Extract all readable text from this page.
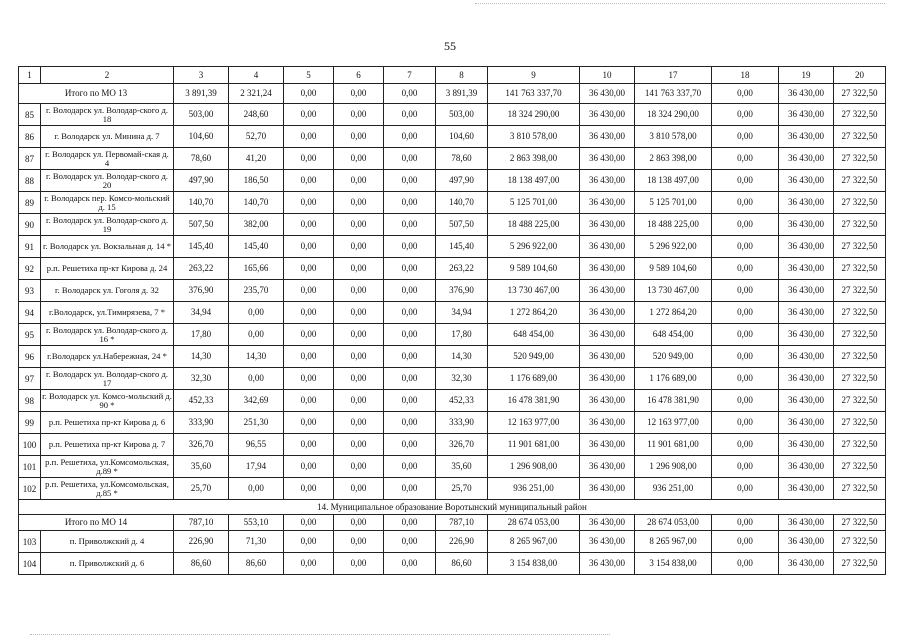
55
1	2	3	4	5	6	7	8	9	10	17	18	19	20
Итого по МО 13		3 891,39	2 321,24	0,00	0,00	0,00	3 891,39	141 763 337,70	36 430,00	141 763 337,70	0,00	36 430,00	27 322,50
85	г. Володарск ул. Володар-ского д. 18	503,00	248,60	0,00	0,00	0,00	503,00	18 324 290,00	36 430,00	18 324 290,00	0,00	36 430,00	27 322,50
86	г. Володарск ул. Минина д. 7	104,60	52,70	0,00	0,00	0,00	104,60	3 810 578,00	36 430,00	3 810 578,00	0,00	36 430,00	27 322,50
87	г. Володарск ул. Первомай-ская д. 4	78,60	41,20	0,00	0,00	0,00	78,60	2 863 398,00	36 430,00	2 863 398,00	0,00	36 430,00	27 322,50
88	г. Володарск ул. Володар-ского д. 20	497,90	186,50	0,00	0,00	0,00	497,90	18 138 497,00	36 430,00	18 138 497,00	0,00	36 430,00	27 322,50
89	г. Володарск пер. Комсо-мольский д. 15	140,70	140,70	0,00	0,00	0,00	140,70	5 125 701,00	36 430,00	5 125 701,00	0,00	36 430,00	27 322,50
90	г. Володарск ул. Володар-ского д. 19	507,50	382,00	0,00	0,00	0,00	507,50	18 488 225,00	36 430,00	18 488 225,00	0,00	36 430,00	27 322,50
91	г. Володарск ул. Вокзальная д. 14 *	145,40	145,40	0,00	0,00	0,00	145,40	5 296 922,00	36 430,00	5 296 922,00	0,00	36 430,00	27 322,50
92	р.п. Решетиха пр-кт Кирова д. 24	263,22	165,66	0,00	0,00	0,00	263,22	9 589 104,60	36 430,00	9 589 104,60	0,00	36 430,00	27 322,50
93	г. Володарск ул. Гоголя д. 32	376,90	235,70	0,00	0,00	0,00	376,90	13 730 467,00	36 430,00	13 730 467,00	0,00	36 430,00	27 322,50
94	г.Володарск, ул.Тимирязева, 7 *	34,94	0,00	0,00	0,00	0,00	34,94	1 272 864,20	36 430,00	1 272 864,20	0,00	36 430,00	27 322,50
95	г. Володарск ул. Володар-ского д. 16 *	17,80	0,00	0,00	0,00	0,00	17,80	648 454,00	36 430,00	648 454,00	0,00	36 430,00	27 322,50
96	г.Володарск ул.Набережная, 24 *	14,30	14,30	0,00	0,00	0,00	14,30	520 949,00	36 430,00	520 949,00	0,00	36 430,00	27 322,50
97	г. Володарск ул. Володар-ского д. 17	32,30	0,00	0,00	0,00	0,00	32,30	1 176 689,00	36 430,00	1 176 689,00	0,00	36 430,00	27 322,50
98	г. Володарск ул. Комсо-мольский д. 90 *	452,33	342,69	0,00	0,00	0,00	452,33	16 478 381,90	36 430,00	16 478 381,90	0,00	36 430,00	27 322,50
99	р.п. Решетиха пр-кт Кирова д. 6	333,90	251,30	0,00	0,00	0,00	333,90	12 163 977,00	36 430,00	12 163 977,00	0,00	36 430,00	27 322,50
100	р.п. Решетиха пр-кт Кирова д. 7	326,70	96,55	0,00	0,00	0,00	326,70	11 901 681,00	36 430,00	11 901 681,00	0,00	36 430,00	27 322,50
101	р.п. Решетиха, ул.Комсомольская, д.89 *	35,60	17,94	0,00	0,00	0,00	35,60	1 296 908,00	36 430,00	1 296 908,00	0,00	36 430,00	27 322,50
102	р.п. Решетиха, ул.Комсомольская, д.85 *	25,70	0,00	0,00	0,00	0,00	25,70	936 251,00	36 430,00	936 251,00	0,00	36 430,00	27 322,50
14. Муниципальное образование Воротынский муниципальный район													
Итого по МО 14		787,10	553,10	0,00	0,00	0,00	787,10	28 674 053,00	36 430,00	28 674 053,00	0,00	36 430,00	27 322,50
103	п. Приволжский д. 4	226,90	71,30	0,00	0,00	0,00	226,90	8 265 967,00	36 430,00	8 265 967,00	0,00	36 430,00	27 322,50
104	п. Приволжский д. 6	86,60	86,60	0,00	0,00	0,00	86,60	3 154 838,00	36 430,00	3 154 838,00	0,00	36 430,00	27 322,50
